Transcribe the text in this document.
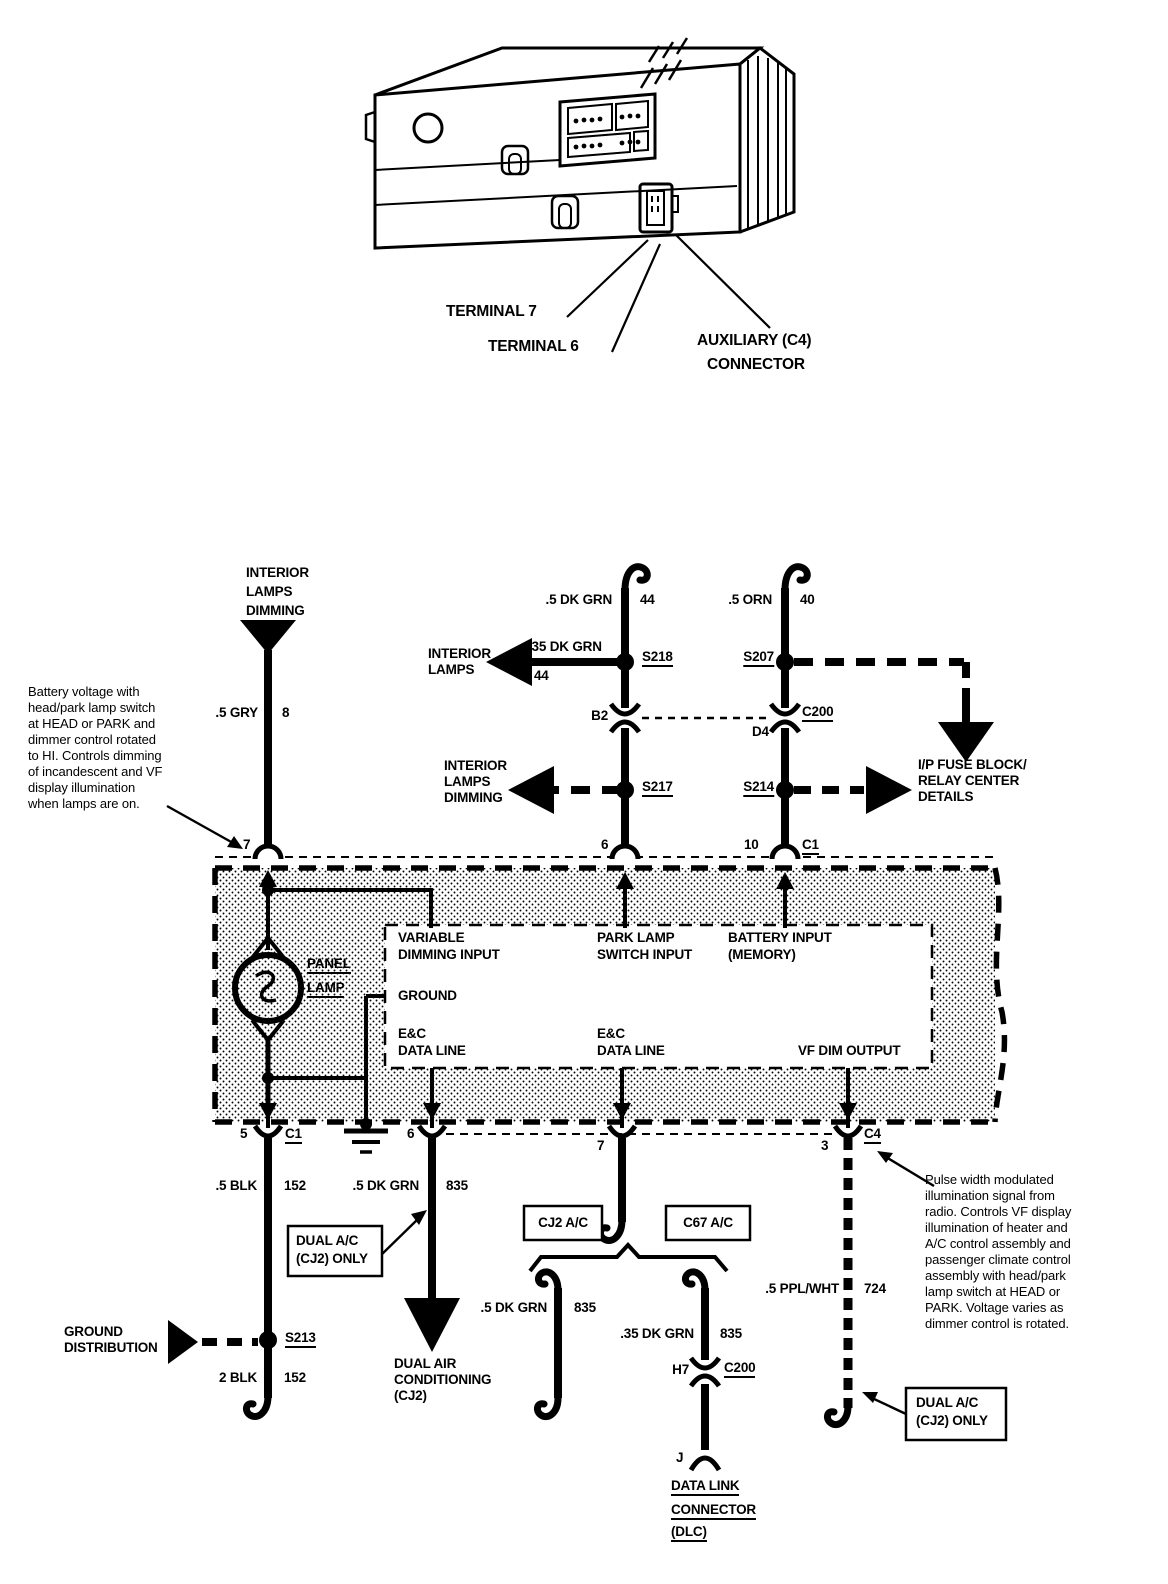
TERMINAL 7
TERMINAL 6	AUXILIARY (C4)
CONNECTOR
Battery voltage with
head/park lamp switch
at HEAD or PARK and
dimmer control rotated
to HI. Controls dimming
of incandescent and VF
display illumination
when lamps are on.
Pulse width modulated
illumination signal from
radio. Controls VF display
illumination of heater and
A/C control assembly and
passenger climate control
assembly with head/park
lamp switch at HEAD or
PARK. Voltage varies as
dimmer control is rotated.
INTERIOR
LAMPS
DIMMING
.5 GRY 8
.5 DK GRN 44	.5 ORN 40
INTERIOR
LAMPS
.35 DK GRN
44
S218	S207
B2
D4
C200
INTERIOR
LAMPS
DIMMING
S217	S214
I/P FUSE BLOCK/
RELAY CENTER
DETAILS
7	6	10	C1
PANEL
LAMP
VARIABLE
DIMMING INPUT
PARK LAMP
SWITCH INPUT
BATTERY INPUT
(MEMORY)
GROUND
E&C
DATA LINE
E&C
DATA LINE	VF DIM OUTPUT
5	C1	6
7	3
C4
.5 BLK 152	.5 DK GRN 835
DUAL A/C
(CJ2) ONLY
GROUND
DISTRIBUTION
S213
2 BLK 152
DUAL AIR
CONDITIONING
(CJ2)
CJ2 A/C	C67 A/C
.5 DK GRN 835
.35 DK GRN 835
H7	C200
.5 PPL/WHT 724
DUAL A/C
(CJ2) ONLY
J
DATA LINK
CONNECTOR
(DLC)
